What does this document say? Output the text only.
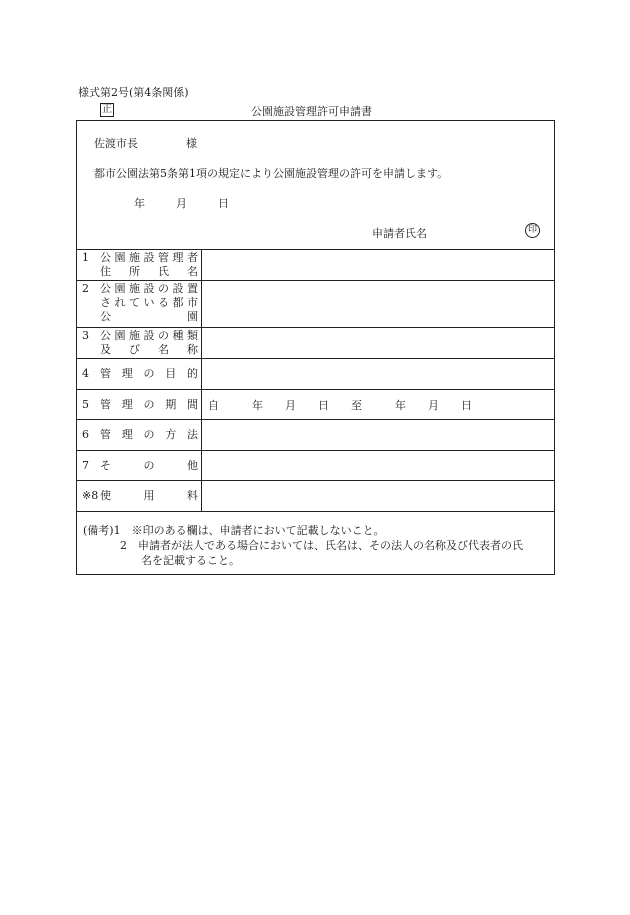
様式第2号(第4条関係)
正	公園施設管理許可申請書
佐渡市長	様
都市公園法第5条第1項の規定により公園施設管理の許可を申請します。
年	月	日
申請者氏名	印
1	公 園 施 設 管 理 者
住 所 氏 名
2	公 園 施 設 の 設 置
さ れ て い る 都 市
公	園
3	公 園 施 設 の 種 類
及 び 名 称
4	管 理 の 目 的
5	管 理 の 期 間 自　　　年　　月　　日　　至　　　年　　月　　日
6	管 理 の 方 法
7	そ	の	他
※8 使	用	料
(備考)1　※印のある欄は、申請者において記載しないこと。
2　申請者が法人である場合においては、氏名は、その法人の名称及び代表者の氏
名を記載すること。
